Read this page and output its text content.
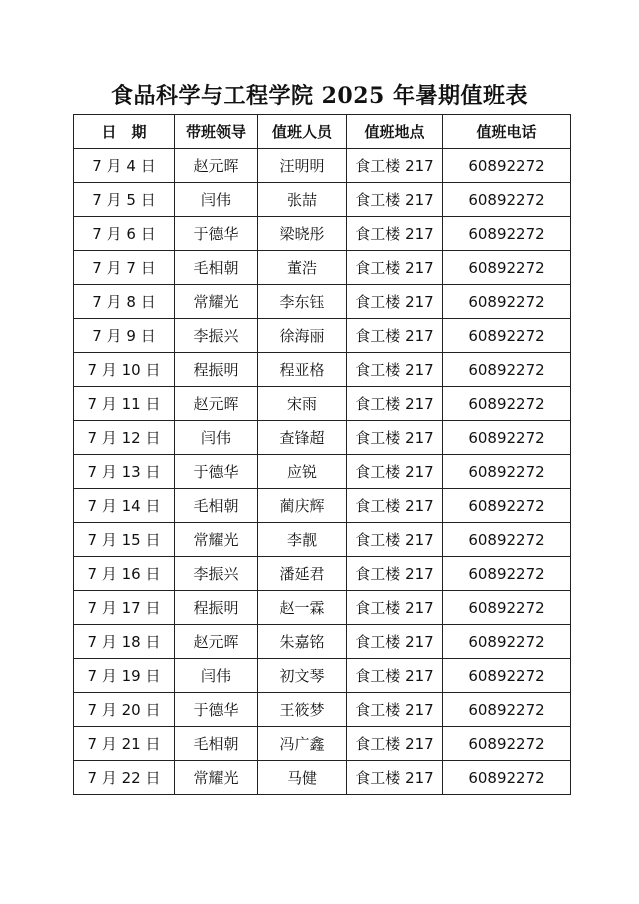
食品科学与工程学院 2025 年暑期值班表
日　期	带班领导	值班人员	值班地点	值班电话
7 月 4 日	赵元晖	汪明明	食工楼 217	60892272
7 月 5 日	闫伟	张喆	食工楼 217	60892272
7 月 6 日	于德华	梁晓彤	食工楼 217	60892272
7 月 7 日	毛相朝	董浩	食工楼 217	60892272
7 月 8 日	常耀光	李东钰	食工楼 217	60892272
7 月 9 日	李振兴	徐海丽	食工楼 217	60892272
7 月 10 日	程振明	程亚格	食工楼 217	60892272
7 月 11 日	赵元晖	宋雨	食工楼 217	60892272
7 月 12 日	闫伟	查锋超	食工楼 217	60892272
7 月 13 日	于德华	应锐	食工楼 217	60892272
7 月 14 日	毛相朝	蔺庆辉	食工楼 217	60892272
7 月 15 日	常耀光	李靓	食工楼 217	60892272
7 月 16 日	李振兴	潘延君	食工楼 217	60892272
7 月 17 日	程振明	赵一霖	食工楼 217	60892272
7 月 18 日	赵元晖	朱嘉铭	食工楼 217	60892272
7 月 19 日	闫伟	初文琴	食工楼 217	60892272
7 月 20 日	于德华	王筱梦	食工楼 217	60892272
7 月 21 日	毛相朝	冯广鑫	食工楼 217	60892272
7 月 22 日	常耀光	马健	食工楼 217	60892272
